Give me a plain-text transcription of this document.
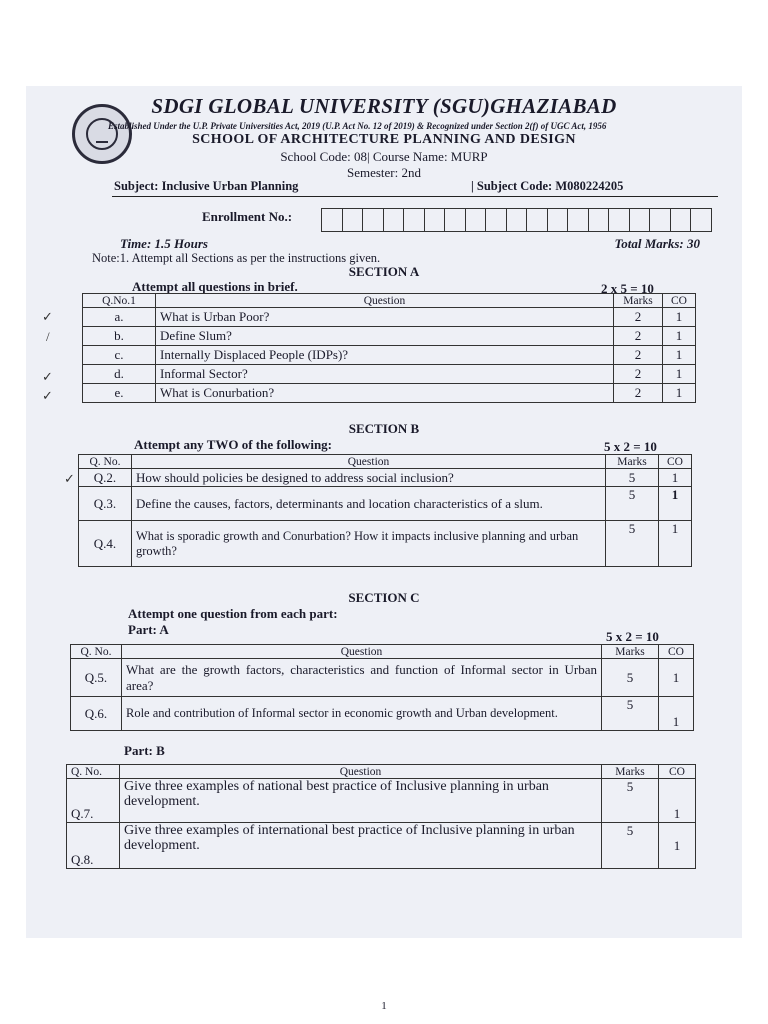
SDGI GLOBAL UNIVERSITY (SGU)GHAZIABAD
Established Under the U.P. Private Universities Act, 2019 (U.P. Act No. 12 of 2019) & Recognized under Section 2(f) of UGC Act, 1956
SCHOOL OF ARCHITECTURE PLANNING AND DESIGN
School Code: 08| Course Name: MURP
Semester: 2nd
Subject: Inclusive Urban Planning	| Subject Code: M080224205
Enrollment No.:
Time: 1.5 Hours	Total Marks: 30
Note:1. Attempt all Sections as per the instructions given.
SECTION A
Attempt all questions in brief.	2 x 5 = 10
Q.No.1	Question	Marks	CO
a.	What is Urban Poor?	2	1
b.	Define Slum?	2	1
c.	Internally Displaced People (IDPs)?	2	1
d.	Informal Sector?	2	1
e.	What is Conurbation?	2	1
SECTION B
Attempt any TWO of the following:	5 x 2 = 10
Q. No.	Question	Marks	CO
Q.2.	How should policies be designed to address social inclusion?	5	1
Q.3.	Define the causes, factors, determinants and location characteristics of a slum.	5	1
Q.4.	What is sporadic growth and Conurbation? How it impacts inclusive planning and urban growth?	5	1
SECTION C
Attempt one question from each part:
Part: A	5 x 2 = 10
Q. No.	Question	Marks	CO
Q.5.	What are the growth factors, characteristics and function of Informal sector in Urban area?	5	1
Q.6.	Role and contribution of Informal sector in economic growth and Urban development.	5	1
Part: B
Q. No.	Question	Marks	CO
Q.7.	Give three examples of national best practice of Inclusive planning in urban development.	5	1
Q.8.	Give three examples of international best practice of Inclusive planning in urban development.	5	1
✓
/
✓
✓
✓
1
